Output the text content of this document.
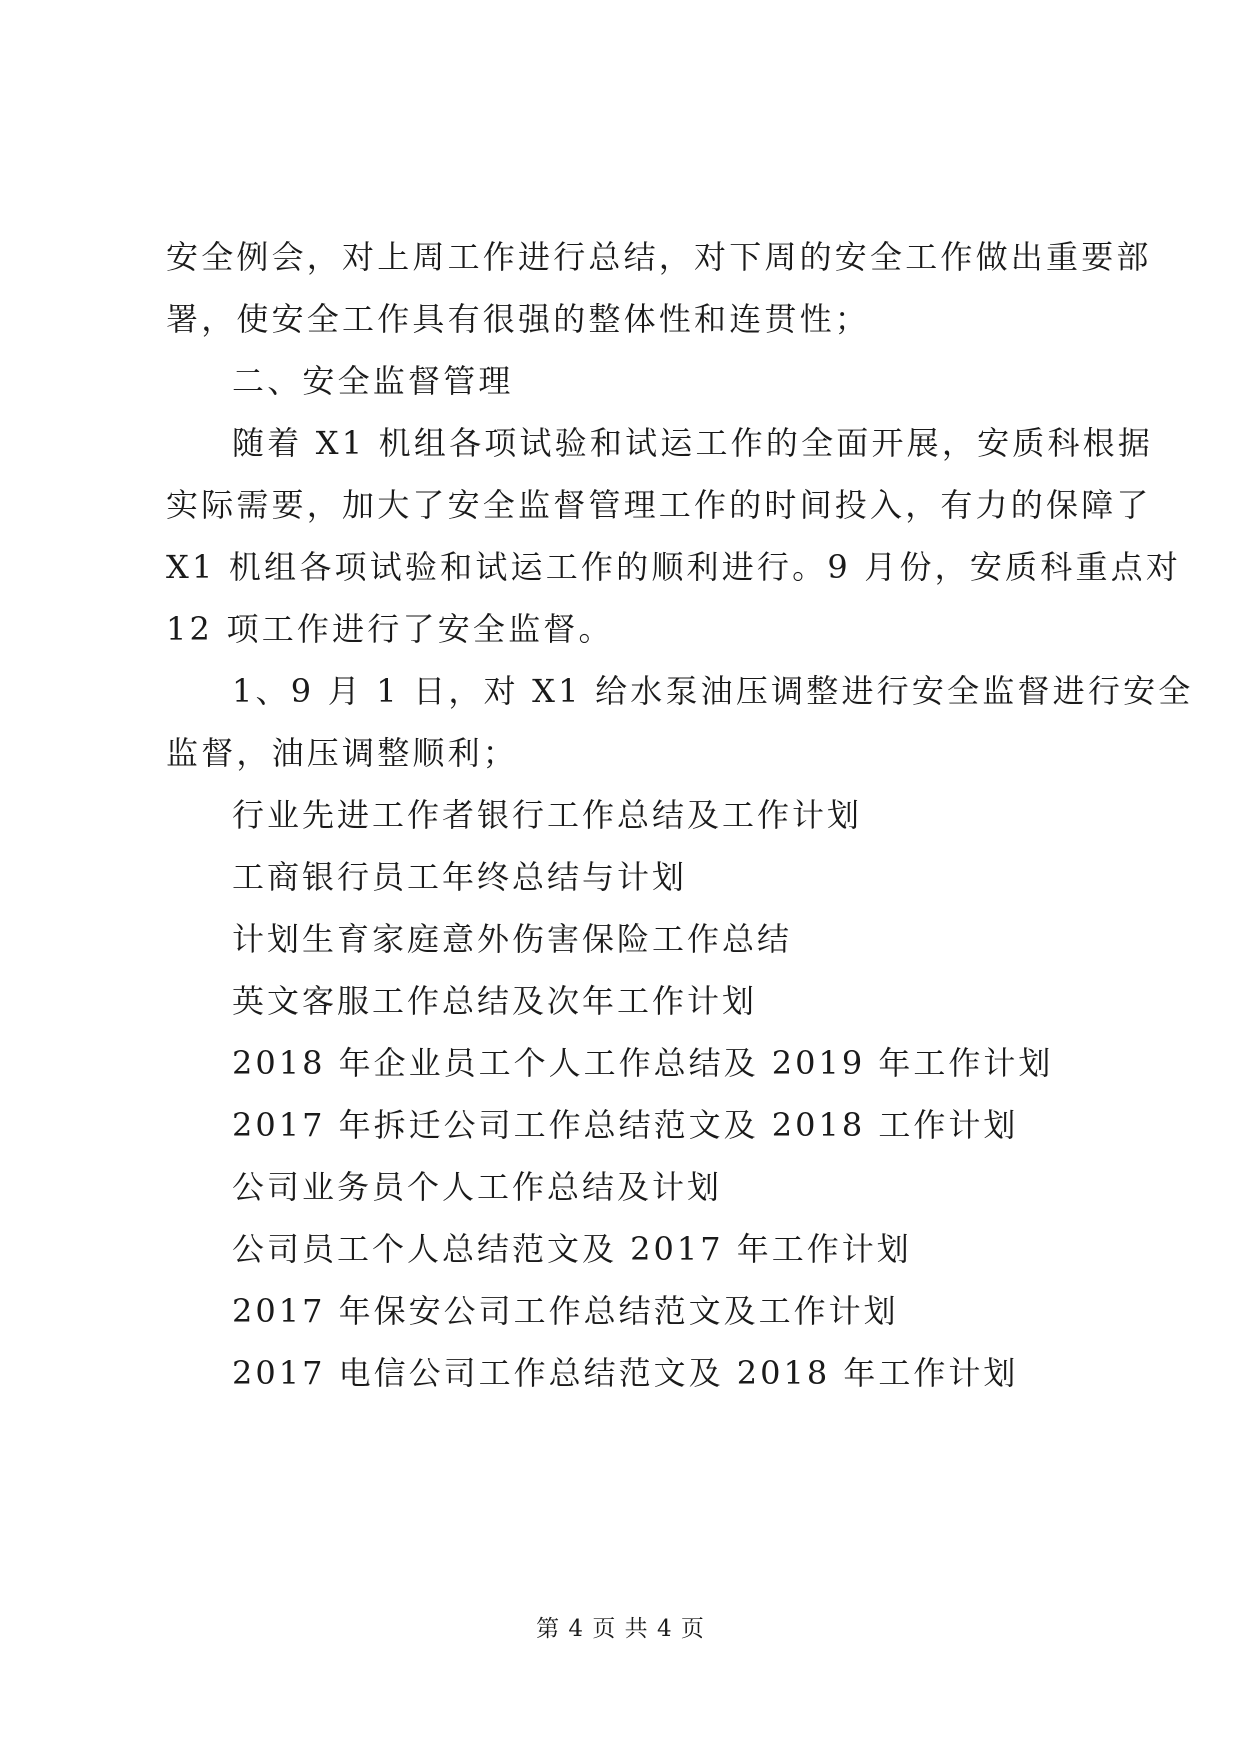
安全例会，对上周工作进行总结，对下周的安全工作做出重要部

署，使安全工作具有很强的整体性和连贯性；

二、安全监督管理

随着 X1 机组各项试验和试运工作的全面开展，安质科根据

实际需要，加大了安全监督管理工作的时间投入，有力的保障了

X1 机组各项试验和试运工作的顺利进行。9 月份，安质科重点对

12 项工作进行了安全监督。

1、9 月 1 日，对 X1 给水泵油压调整进行安全监督进行安全

监督，油压调整顺利；

行业先进工作者银行工作总结及工作计划

工商银行员工年终总结与计划

计划生育家庭意外伤害保险工作总结

英文客服工作总结及次年工作计划

2018 年企业员工个人工作总结及 2019 年工作计划

2017 年拆迁公司工作总结范文及 2018 工作计划

公司业务员个人工作总结及计划

公司员工个人总结范文及 2017 年工作计划

2017 年保安公司工作总结范文及工作计划

2017 电信公司工作总结范文及 2018 年工作计划

第 4 页 共 4 页
